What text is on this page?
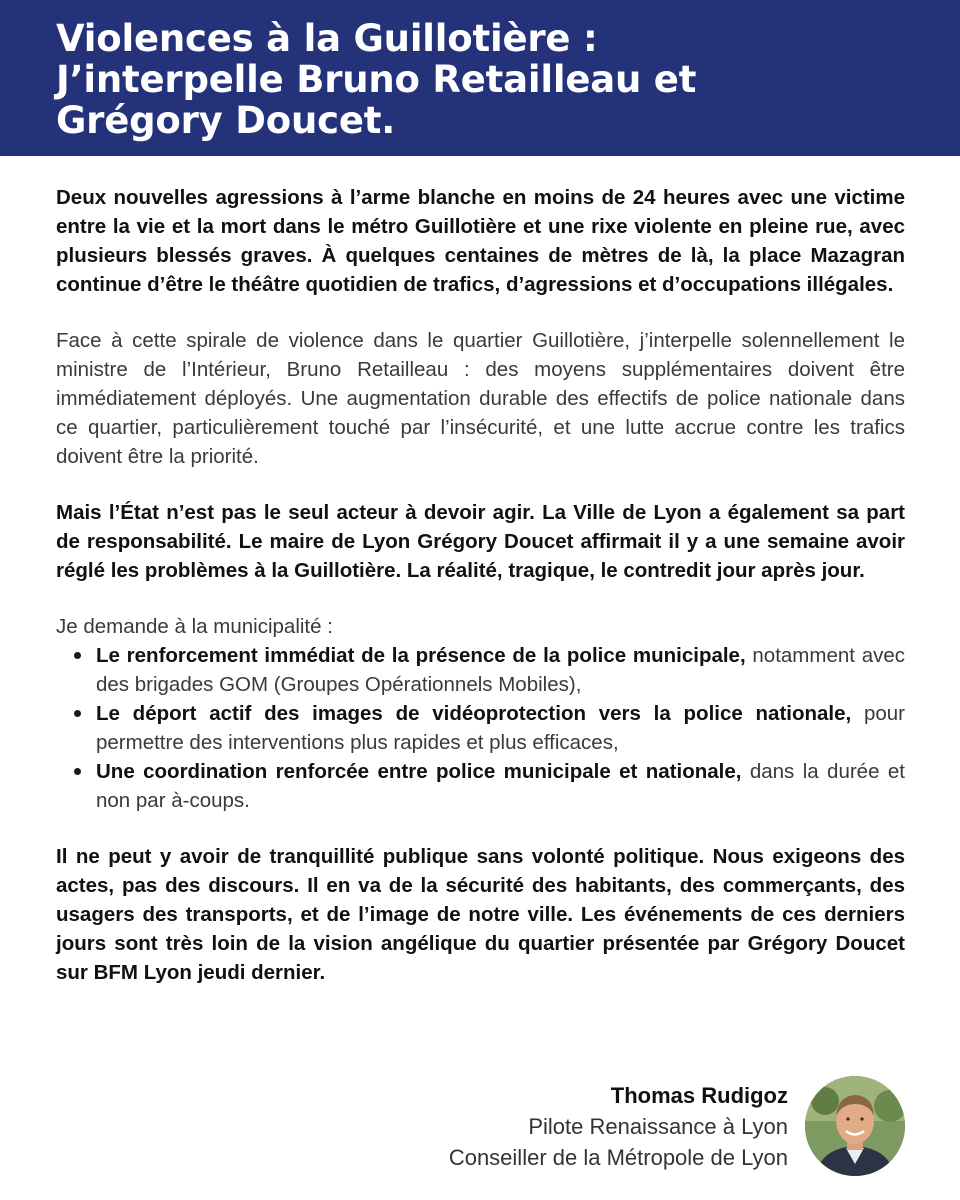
Violences à la Guillotière :
J’interpelle Bruno Retailleau et
Grégory Doucet.

Deux nouvelles agressions à l’arme blanche en moins de 24 heures avec une victime entre la vie et la mort dans le métro Guillotière et une rixe violente en pleine rue, avec plusieurs blessés graves. À quelques centaines de mètres de là, la place Mazagran continue d’être le théâtre quotidien de trafics, d’agressions et d’occupations illégales.

Face à cette spirale de violence dans le quartier Guillotière, j’interpelle solennellement le ministre de l’Intérieur, Bruno Retailleau : des moyens supplémentaires doivent être immédiatement déployés. Une augmentation durable des effectifs de police nationale dans ce quartier, particulièrement touché par l’insécurité, et une lutte accrue contre les trafics doivent être la priorité.

Mais l’État n’est pas le seul acteur à devoir agir. La Ville de Lyon a également sa part de responsabilité. Le maire de Lyon Grégory Doucet affirmait il y a une semaine avoir réglé les problèmes à la Guillotière. La réalité, tragique, le contredit jour après jour.

Je demande à la municipalité :

Le renforcement immédiat de la présence de la police municipale, notamment avec des brigades GOM (Groupes Opérationnels Mobiles),
Le déport actif des images de vidéoprotection vers la police nationale, pour permettre des interventions plus rapides et plus efficaces,
Une coordination renforcée entre police municipale et nationale, dans la durée et non par à-coups.

Il ne peut y avoir de tranquillité publique sans volonté politique. Nous exigeons des actes, pas des discours. Il en va de la sécurité des habitants, des commerçants, des usagers des transports, et de l’image de notre ville. Les événements de ces derniers jours sont très loin de la vision angélique du quartier présentée par Grégory Doucet sur BFM Lyon jeudi dernier.

Thomas Rudigoz
Pilote Renaissance à Lyon
Conseiller de la Métropole de Lyon
